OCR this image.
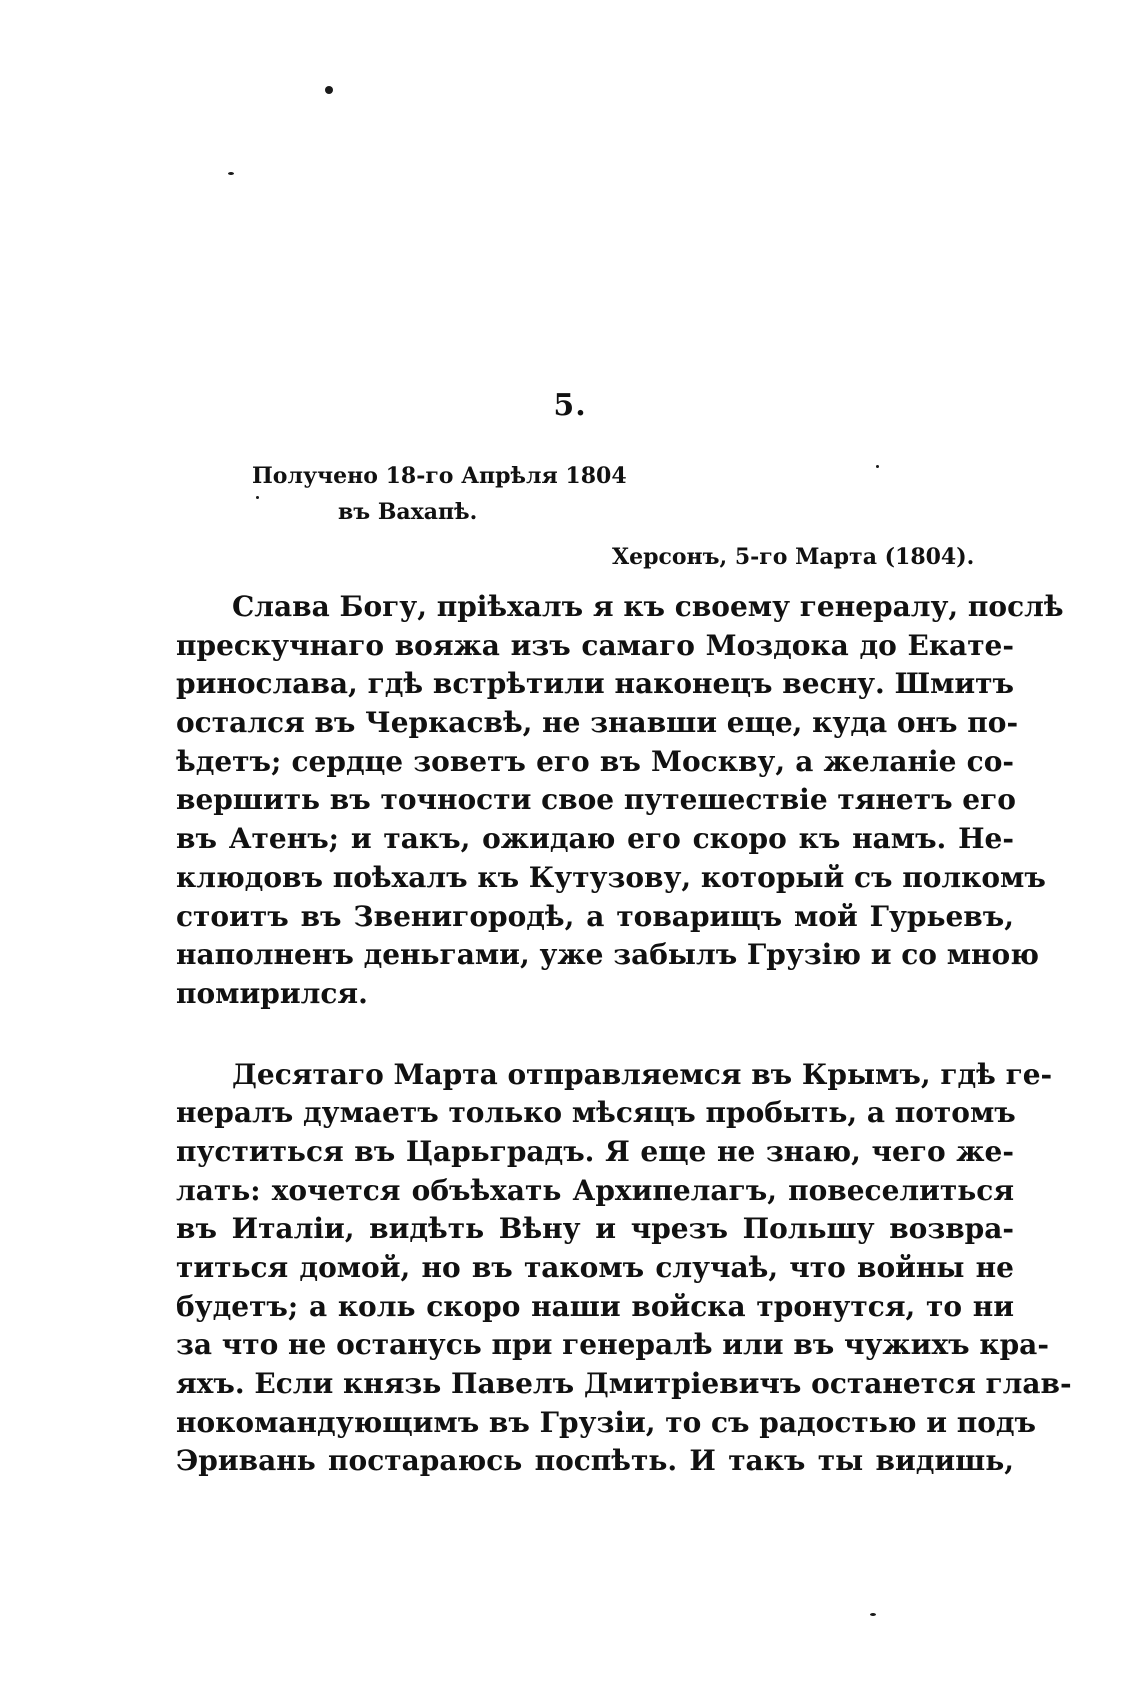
5.
Получено 18-го Апрѣля 1804
въ Вахапѣ.
Херсонъ, 5-го Марта (1804).
Слава Богу, пріѣхалъ я къ своему генералу, послѣ
прескучнаго вояжа изъ самаго Моздока до Екате-
ринослава, гдѣ встрѣтили наконецъ весну. Шмитъ
остался въ Черкасвѣ, не знавши еще, куда онъ по-
ѣдетъ; сердце зоветъ его въ Москву, а желаніе со-
вершить въ точности свое путешествіе тянетъ его
въ Атенъ; и такъ, ожидаю его скоро къ намъ. Не-
клюдовъ поѣхалъ къ Кутузову, который съ полкомъ
стоитъ въ Звенигородѣ, а товарищъ мой Гурьевъ,
наполненъ деньгами, уже забылъ Грузію и со мною
помирился.
Десятаго Марта отправляемся въ Крымъ, гдѣ ге-
нералъ думаетъ только мѣсяцъ пробыть, а потомъ
пуститься въ Царьградъ. Я еще не знаю, чего же-
лать: хочется объѣхать Архипелагъ, повеселиться
въ Италіи, видѣть Вѣну и чрезъ Польшу возвра-
титься домой, но въ такомъ случаѣ, что войны не
будетъ; а коль скоро наши войска тронутся, то ни
за что не останусь при генералѣ или въ чужихъ кра-
яхъ. Если князь Павелъ Дмитріевичъ останется глав-
нокомандующимъ въ Грузіи, то съ радостью и подъ
Эривань постараюсь поспѣть. И такъ ты видишь,
